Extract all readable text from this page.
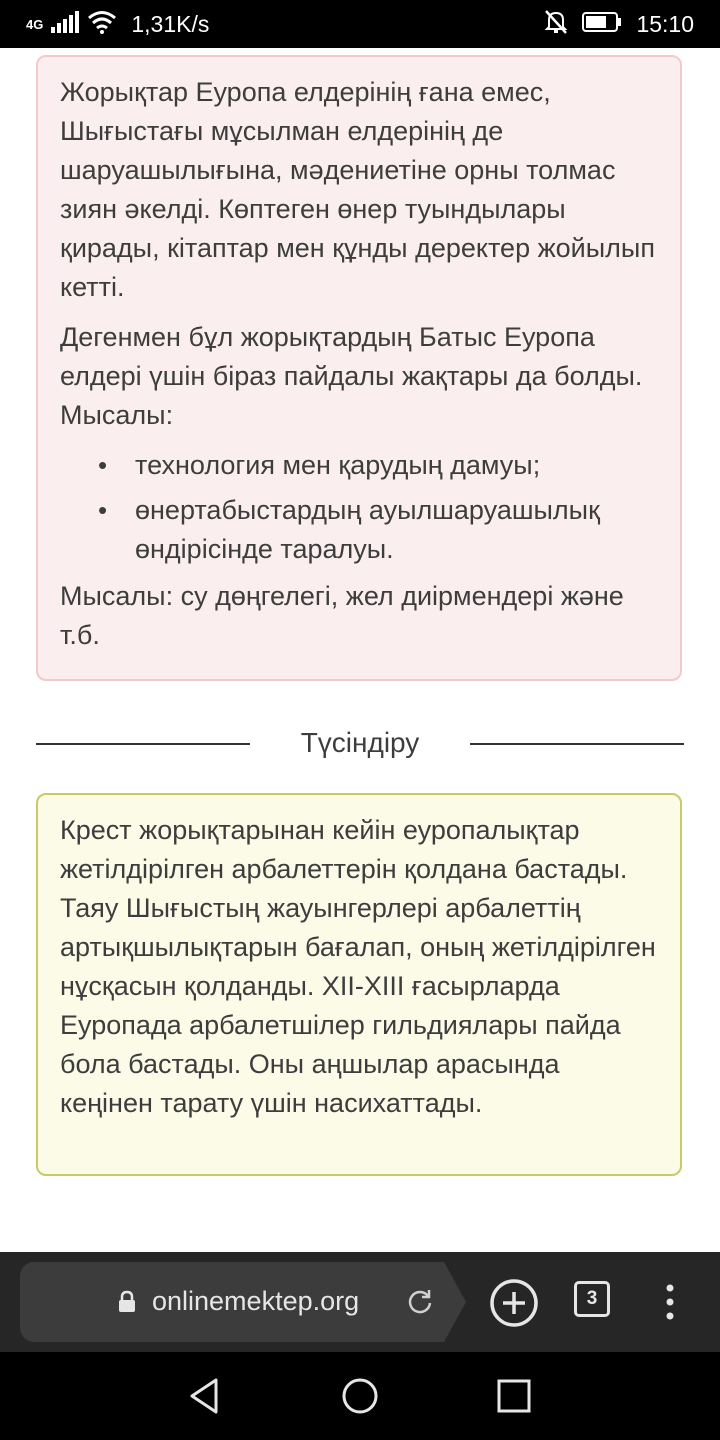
4G	1,31K/s	15:10

Жорықтар Еуропа елдерінің ғана емес, Шығыстағы мұсылман елдерінің де шаруашылығына, мәдениетіне орны толмас зиян әкелді. Көптеген өнер туындылары қирады, кітаптар мен құнды деректер жойылып кетті.

Дегенмен бұл жорықтардың Батыс Еуропа елдері үшін біраз пайдалы жақтары да болды. Мысалы:

• технология мен қарудың дамуы;
• өнертабыстардың ауылшаруашылық өндірісінде таралуы.

Мысалы: су дөңгелегі, жел диірмендері және т.б.

Түсіндіру

Крест жорықтарынан кейін еуропалықтар жетілдірілген арбалеттерін қолдана бастады. Таяу Шығыстың жауынгерлері арбалеттің артықшылықтарын бағалап, оның жетілдірілген нұсқасын қолданды. XII-XIII ғасырларда Еуропада арбалетшілер гильдиялары пайда бола бастады. Оны аңшылар арасында кеңінен тарату үшін насихаттады.

onlinemektep.org	3
